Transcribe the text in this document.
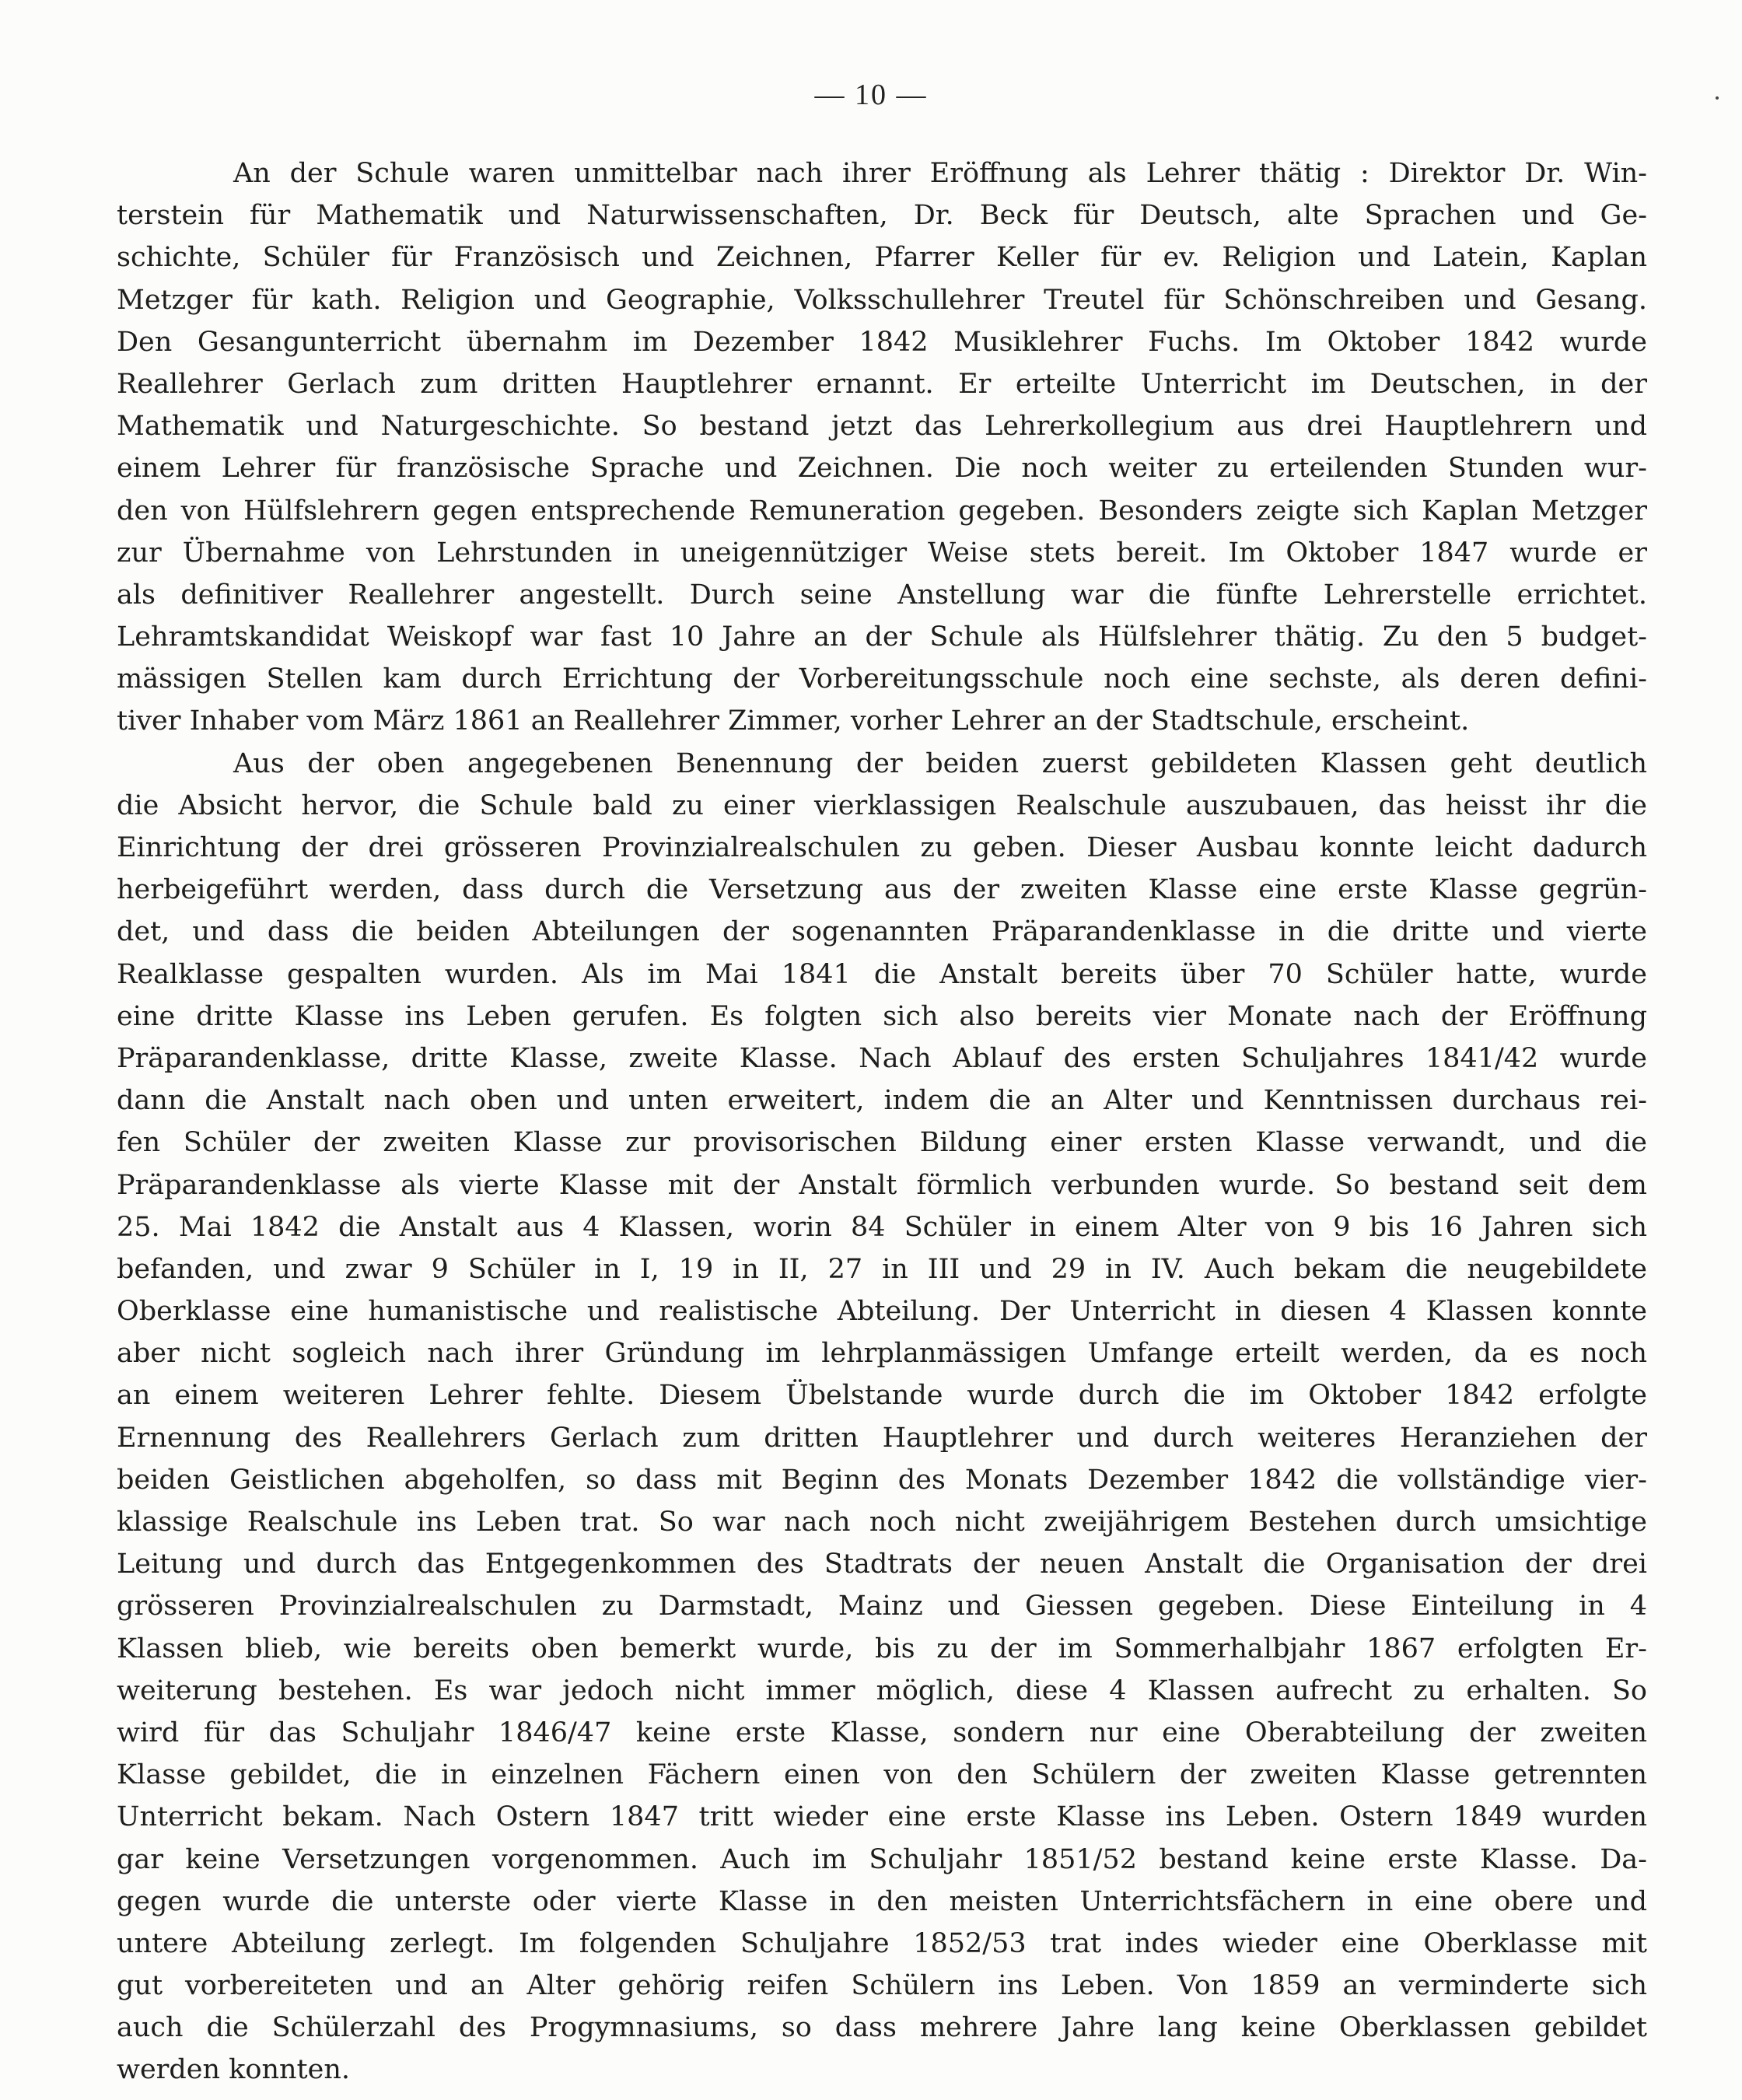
— 10 —
An der Schule waren unmittelbar nach ihrer Eröffnung als Lehrer thätig : Direktor Dr. Win-
terstein für Mathematik und Naturwissenschaften, Dr. Beck für Deutsch, alte Sprachen und Ge-
schichte, Schüler für Französisch und Zeichnen, Pfarrer Keller für ev. Religion und Latein, Kaplan
Metzger für kath. Religion und Geographie, Volksschullehrer Treutel für Schönschreiben und Gesang.
Den Gesangunterricht übernahm im Dezember 1842 Musiklehrer Fuchs. Im Oktober 1842 wurde
Reallehrer Gerlach zum dritten Hauptlehrer ernannt. Er erteilte Unterricht im Deutschen, in der
Mathematik und Naturgeschichte. So bestand jetzt das Lehrerkollegium aus drei Hauptlehrern und
einem Lehrer für französische Sprache und Zeichnen. Die noch weiter zu erteilenden Stunden wur-
den von Hülfslehrern gegen entsprechende Remuneration gegeben. Besonders zeigte sich Kaplan Metzger
zur Übernahme von Lehrstunden in uneigennütziger Weise stets bereit. Im Oktober 1847 wurde er
als definitiver Reallehrer angestellt. Durch seine Anstellung war die fünfte Lehrerstelle errichtet.
Lehramtskandidat Weiskopf war fast 10 Jahre an der Schule als Hülfslehrer thätig. Zu den 5 budget-
mässigen Stellen kam durch Errichtung der Vorbereitungsschule noch eine sechste, als deren defini-
tiver Inhaber vom März 1861 an Reallehrer Zimmer, vorher Lehrer an der Stadtschule, erscheint.
Aus der oben angegebenen Benennung der beiden zuerst gebildeten Klassen geht deutlich
die Absicht hervor, die Schule bald zu einer vierklassigen Realschule auszubauen, das heisst ihr die
Einrichtung der drei grösseren Provinzialrealschulen zu geben. Dieser Ausbau konnte leicht dadurch
herbeigeführt werden, dass durch die Versetzung aus der zweiten Klasse eine erste Klasse gegrün-
det, und dass die beiden Abteilungen der sogenannten Präparandenklasse in die dritte und vierte
Realklasse gespalten wurden. Als im Mai 1841 die Anstalt bereits über 70 Schüler hatte, wurde
eine dritte Klasse ins Leben gerufen. Es folgten sich also bereits vier Monate nach der Eröffnung
Präparandenklasse, dritte Klasse, zweite Klasse. Nach Ablauf des ersten Schuljahres 1841/42 wurde
dann die Anstalt nach oben und unten erweitert, indem die an Alter und Kenntnissen durchaus rei-
fen Schüler der zweiten Klasse zur provisorischen Bildung einer ersten Klasse verwandt, und die
Präparandenklasse als vierte Klasse mit der Anstalt förmlich verbunden wurde. So bestand seit dem
25. Mai 1842 die Anstalt aus 4 Klassen, worin 84 Schüler in einem Alter von 9 bis 16 Jahren sich
befanden, und zwar 9 Schüler in I, 19 in II, 27 in III und 29 in IV. Auch bekam die neugebildete
Oberklasse eine humanistische und realistische Abteilung. Der Unterricht in diesen 4 Klassen konnte
aber nicht sogleich nach ihrer Gründung im lehrplanmässigen Umfange erteilt werden, da es noch
an einem weiteren Lehrer fehlte. Diesem Übelstande wurde durch die im Oktober 1842 erfolgte
Ernennung des Reallehrers Gerlach zum dritten Hauptlehrer und durch weiteres Heranziehen der
beiden Geistlichen abgeholfen, so dass mit Beginn des Monats Dezember 1842 die vollständige vier-
klassige Realschule ins Leben trat. So war nach noch nicht zweijährigem Bestehen durch umsichtige
Leitung und durch das Entgegenkommen des Stadtrats der neuen Anstalt die Organisation der drei
grösseren Provinzialrealschulen zu Darmstadt, Mainz und Giessen gegeben. Diese Einteilung in 4
Klassen blieb, wie bereits oben bemerkt wurde, bis zu der im Sommerhalbjahr 1867 erfolgten Er-
weiterung bestehen. Es war jedoch nicht immer möglich, diese 4 Klassen aufrecht zu erhalten. So
wird für das Schuljahr 1846/47 keine erste Klasse, sondern nur eine Oberabteilung der zweiten
Klasse gebildet, die in einzelnen Fächern einen von den Schülern der zweiten Klasse getrennten
Unterricht bekam. Nach Ostern 1847 tritt wieder eine erste Klasse ins Leben. Ostern 1849 wurden
gar keine Versetzungen vorgenommen. Auch im Schuljahr 1851/52 bestand keine erste Klasse. Da-
gegen wurde die unterste oder vierte Klasse in den meisten Unterrichtsfächern in eine obere und
untere Abteilung zerlegt. Im folgenden Schuljahre 1852/53 trat indes wieder eine Oberklasse mit
gut vorbereiteten und an Alter gehörig reifen Schülern ins Leben. Von 1859 an verminderte sich
auch die Schülerzahl des Progymnasiums, so dass mehrere Jahre lang keine Oberklassen gebildet
werden konnten.
